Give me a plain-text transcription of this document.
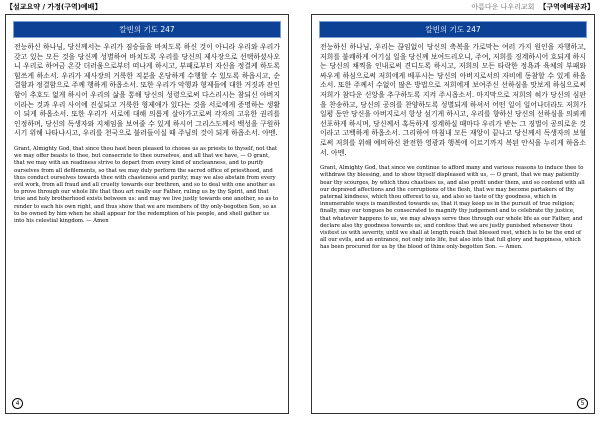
【설교요약 / 가정(구역)예배】	아름다운 나우리교회 【구역예배공과】
칼빈의 기도 247

전능하신 하나님, 당신께서는 우리가 짐승들을 바치도록 하신 것이 아니라 우리와 우리가 갖고 있는 모든 것을 당신께 성별하여 바치도록 우리를 당신의 제사장으로 선택하셨사오니 우리로 하여금 온갖 더러움으로부터 떠나게 하시고, 부패로부터 자신을 정결케 하도록 힘쓰게 하소서. 우리가 제사장의 거룩한 직분을 온당하게 수행할 수 있도록 하옵시고, 순결함과 정결함으로 주께 행하게 하옵소서. 또한 우리가 악행과 형제들에 대한 거짓과 잔인함이 추호도 없게 하시어 우리의 삶을 통해 당신의 성령으로써 다스리시는 참되신 아버지이라는 것과 우리 사이에 진실되고 거룩한 형제애가 있다는 것을 서로에게 증명하는 생활이 되게 하옵소서. 또한 우리가 서로에 대해 의롭게 살아가고로써 각자의 고유한 권리를 인정하며, 당신의 독생자와 지체임을 보여줄 수 있게 하시어 그리스도께서 백성을 구원하시기 위해 나타나시고, 우리를 천국으로 불러들이실 때 주님의 것이 되게 하옵소서. 아멘.

Grant, Almighty God, that since thou hast been pleased to choose us as priests to thyself, not that we may offer beasts to thee, but consecrate to thee ourselves, and all that we have, — O grant, that we may with an readiness strive to depart from every kind of uncleanness, and to purify ourselves from all defilements, so that we may duly perform the sacred office of priesthood, and thus conduct ourselves towards thee with chasteness and purity; may we also abstain from every evil work, from all fraud and all cruelty towards our brethren, and so to deal with one another as to prove through our whole life that thou art really our Father, ruling us by thy Spirit, and that true and holy brotherhood exists between us: and may we live justly towards one another, so as to render to each his own right, and thus show that we are members of thy only-begotten Son, so as to be owned by him when he shall appear for the redemption of his people, and shell gather us into his celestial kingdom. — Amen

4
칼빈의 기도 247

전능하신 하나님, 우리는 끊임없이 당신의 축복을 가로막는 여러 가지 원인을 자행하고, 저희를 불쾌하게 여기실 일을 당신께 보여드리오니, 주여, 저희를 징계하시어 호되게 하시는 당신의 채찍을 인내로써 견디도록 하시고, 저희의 모든 타락한 정욕과 육체의 부패와 싸우게 하심으로써 저희에게 베푸시는 당신의 아버지로서의 자비에 동참할 수 있게 하옵소서. 또한 주께서 수없이 많은 방법으로 저희에게 보여주신 선하심을 맛보게 하심으로써 저희가 참다운 신앙을 추구하도록 지켜 주시옵소서. 마지막으로 저희의 혀가 당신의 심판을 찬송하고, 당신의 공의를 찬양하도록 성별되게 하셔서 어떤 일이 일어나더라도 저희가 일평 동안 당신을 아버지로서 항상 섬기게 하시고, 우리를 향하신 당신의 선하심을 의뢰케 선포하게 하시며, 당신께서 혹독하게 징계하실 때마다 우리가 받는 그 징벌이 공의로운 것이라고 고백하게 하옵소서. 그리하여 마침내 모든 재앙이 끝나고 당신께서 독생자의 보혈로써 저희를 위해 예비하신 완전한 영광과 행복에 이르기까지 복된 안식을 누리게 하옵소서. 아멘.

Grant, Almighty God, that since we continue to afford many and various reasons to induce thee to withdraw thy blessing, and to show thyself displeased with us, — O grant, that we may patiently bear thy scourges, by which thou chastises us, and also profit under them, and so contend with all our depraved affections and the corruptions of the flesh, that we may become partakers of thy paternal kindness, which thou offerest to us, and also so taste of thy goodness, which in innumerable ways is manifested towards us, that it may keep us in the pursuit of true religion; finally, may our tongues be consecrated to magnify thy judgement and to celebrate thy justice, that whatever happens to us, we may always serve thee through our whole life as our Father, and declare also thy goodness towards us, and confess that we are justly punished whenever thou visitest us with severity, until we shall at length reach that blessed rest, which is to be the end of all our evils, and an entrance, not only into life, but also into that full glory and happiness, which has been procured for us by the blood of thine only-begotten Son. — Amen.

5
